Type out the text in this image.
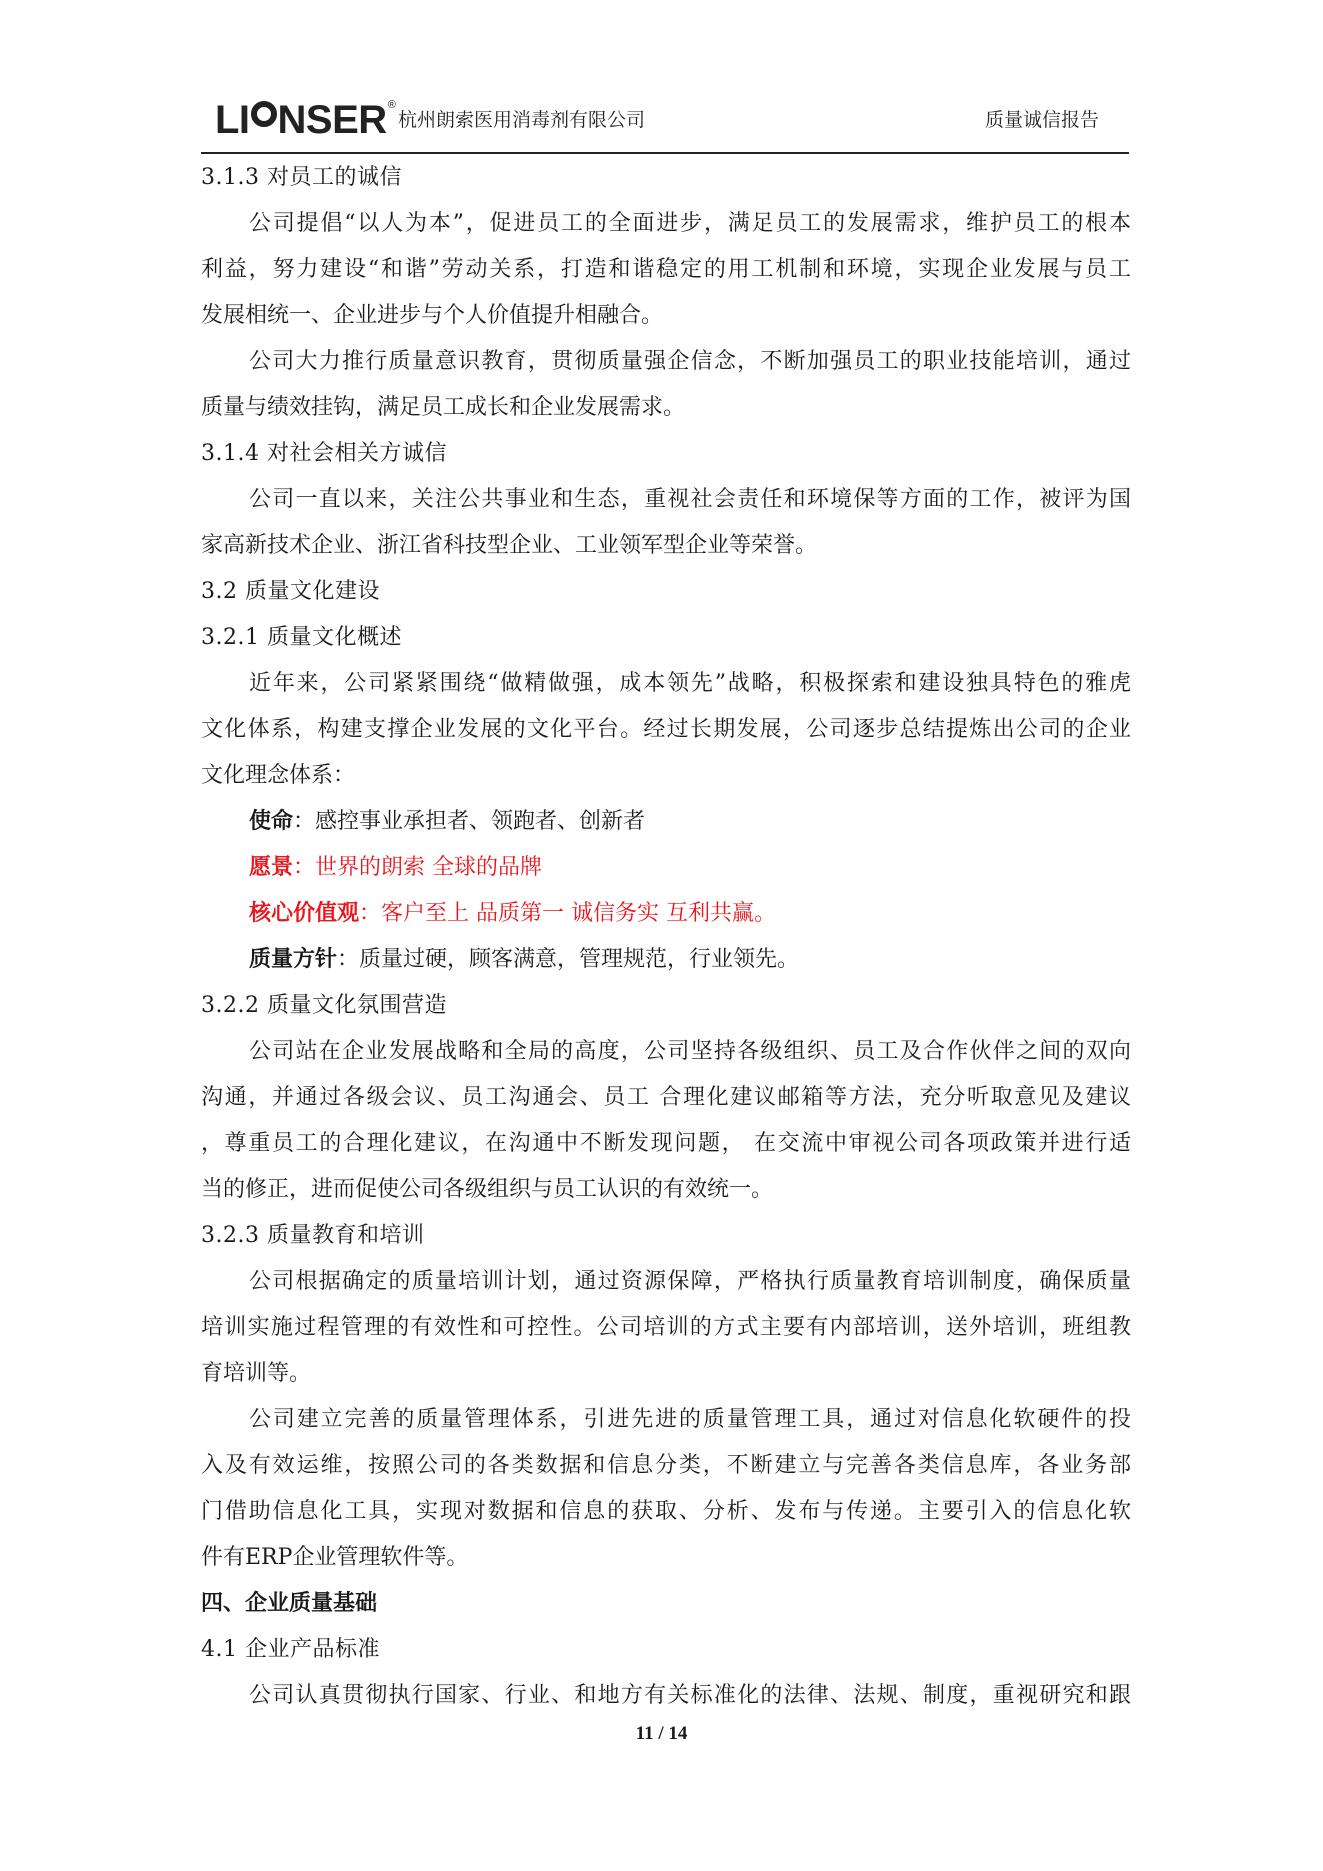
LI NSER ®
杭州朗索医用消毒剂有限公司	质量诚信报告
3.1.3 对员工的诚信
公司提倡“以人为本”，促进员工的全面进步，满足员工的发展需求，维护员工的根本
利益，努力建设“和谐”劳动关系，打造和谐稳定的用工机制和环境，实现企业发展与员工
发展相统一、企业进步与个人价值提升相融合。
公司大力推行质量意识教育，贯彻质量强企信念，不断加强员工的职业技能培训，通过
质量与绩效挂钩，满足员工成长和企业发展需求。
3.1.4 对社会相关方诚信
公司一直以来，关注公共事业和生态，重视社会责任和环境保等方面的工作，被评为国
家高新技术企业、浙江省科技型企业、工业领军型企业等荣誉。
3.2 质量文化建设
3.2.1 质量文化概述
近年来，公司紧紧围绕“做精做强，成本领先”战略，积极探索和建设独具特色的雅虎
文化体系，构建支撑企业发展的文化平台。经过长期发展，公司逐步总结提炼出公司的企业
文化理念体系：
使命：感控事业承担者、领跑者、创新者
愿景：世界的朗索 全球的品牌
核心价值观：客户至上 品质第一 诚信务实 互利共赢。
质量方针：质量过硬，顾客满意，管理规范，行业领先。
3.2.2 质量文化氛围营造
公司站在企业发展战略和全局的高度，公司坚持各级组织、员工及合作伙伴之间的双向
沟通，并通过各级会议、员工沟通会、员工 合理化建议邮箱等方法，充分听取意见及建议
，尊重员工的合理化建议，在沟通中不断发现问题， 在交流中审视公司各项政策并进行适
当的修正，进而促使公司各级组织与员工认识的有效统一。
3.2.3 质量教育和培训
公司根据确定的质量培训计划，通过资源保障，严格执行质量教育培训制度，确保质量
培训实施过程管理的有效性和可控性。公司培训的方式主要有内部培训，送外培训，班组教
育培训等。
公司建立完善的质量管理体系，引进先进的质量管理工具，通过对信息化软硬件的投
入及有效运维，按照公司的各类数据和信息分类，不断建立与完善各类信息库，各业务部
门借助信息化工具，实现对数据和信息的获取、分析、发布与传递。主要引入的信息化软
件有ERP企业管理软件等。
四、企业质量基础
4.1 企业产品标准
公司认真贯彻执行国家、行业、和地方有关标准化的法律、法规、制度，重视研究和跟
11 / 14
